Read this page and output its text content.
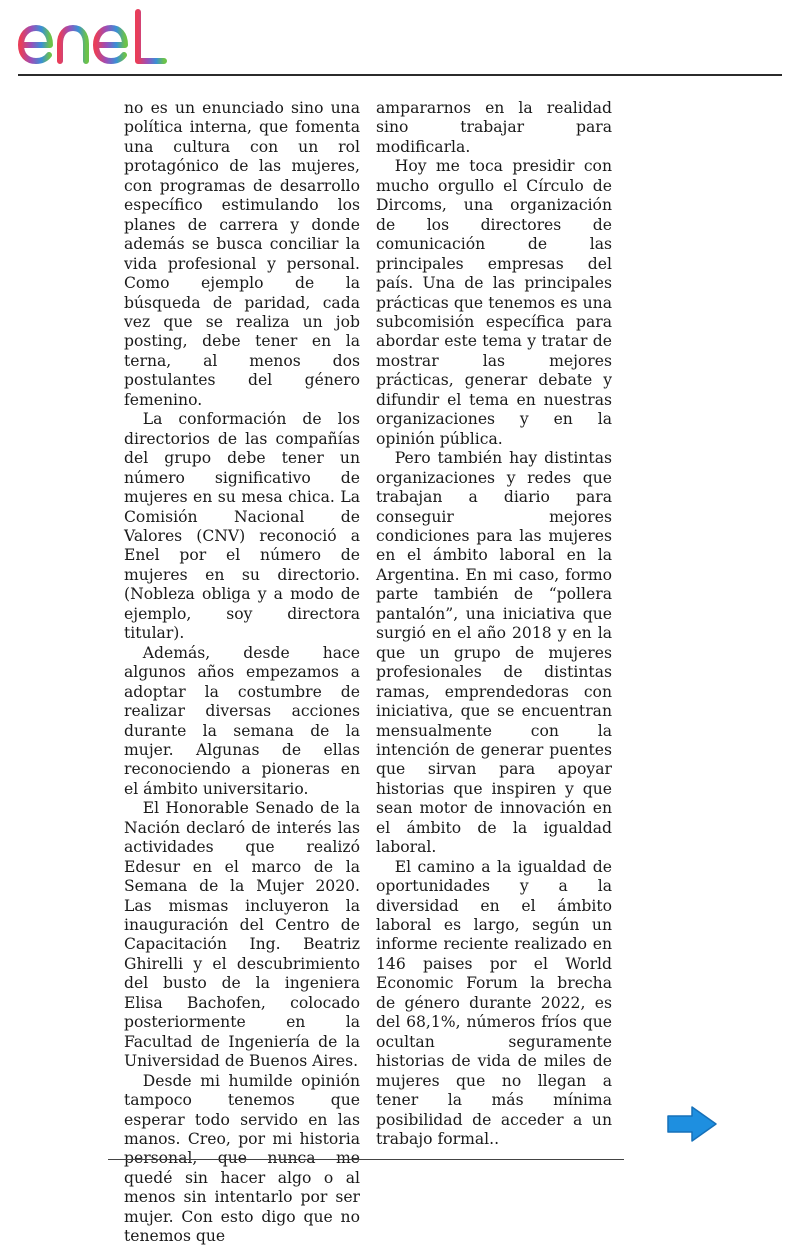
no es un enunciado sino una política interna, que fomenta una cultura con un rol protagónico de las mujeres, con programas de desarrollo específico estimulando los planes de carrera y donde además se busca conciliar la vida profesional y personal. Como ejemplo de la búsqueda de paridad, cada vez que se realiza un job posting, debe tener en la terna, al menos dos postulantes del género femenino.

La conformación de los directorios de las compañías del grupo debe tener un número significativo de mujeres en su mesa chica. La Comisión Nacional de Valores (CNV) reconoció a Enel por el número de mujeres en su directorio. (Nobleza obliga y a modo de ejemplo, soy directora titular).

Además, desde hace algunos años empezamos a adoptar la costumbre de realizar diversas acciones durante la semana de la mujer. Algunas de ellas reconociendo a pioneras en el ámbito universitario.

El Honorable Senado de la Nación declaró de interés las actividades que realizó Edesur en el marco de la Semana de la Mujer 2020. Las mismas incluyeron la inauguración del Centro de Capacitación Ing. Beatriz Ghirelli y el descubrimiento del busto de la ingeniera Elisa Bachofen, colocado posteriormente en la Facultad de Ingeniería de la Universidad de Buenos Aires.

Desde mi humilde opinión tampoco tenemos que esperar todo servido en las manos. Creo, por mi historia personal, que nunca me quedé sin hacer algo o al menos sin intentarlo por ser mujer. Con esto digo que no tenemos que

ampararnos en la realidad sino trabajar para modificarla.

Hoy me toca presidir con mucho orgullo el Círculo de Dircoms, una organización de los directores de comunicación de las principales empresas del país. Una de las principales prácticas que tenemos es una subcomisión específica para abordar este tema y tratar de mostrar las mejores prácticas, generar debate y difundir el tema en nuestras organizaciones y en la opinión pública.

Pero también hay distintas organizaciones y redes que trabajan a diario para conseguir mejores condiciones para las mujeres en el ámbito laboral en la Argentina. En mi caso, formo parte también de “pollera pantalón”, una iniciativa que surgió en el año 2018 y en la que un grupo de mujeres profesionales de distintas ramas, emprendedoras con iniciativa, que se encuentran mensualmente con la intención de generar puentes que sirvan para apoyar historias que inspiren y que sean motor de innovación en el ámbito de la igualdad laboral.

El camino a la igualdad de oportunidades y a la diversidad en el ámbito laboral es largo, según un informe reciente realizado en 146 paises por el World Economic Forum la brecha de género durante 2022, es del 68,1%, números fríos que ocultan seguramente historias de vida de miles de mujeres que no llegan a tener la más mínima posibilidad de acceder a un trabajo formal..
